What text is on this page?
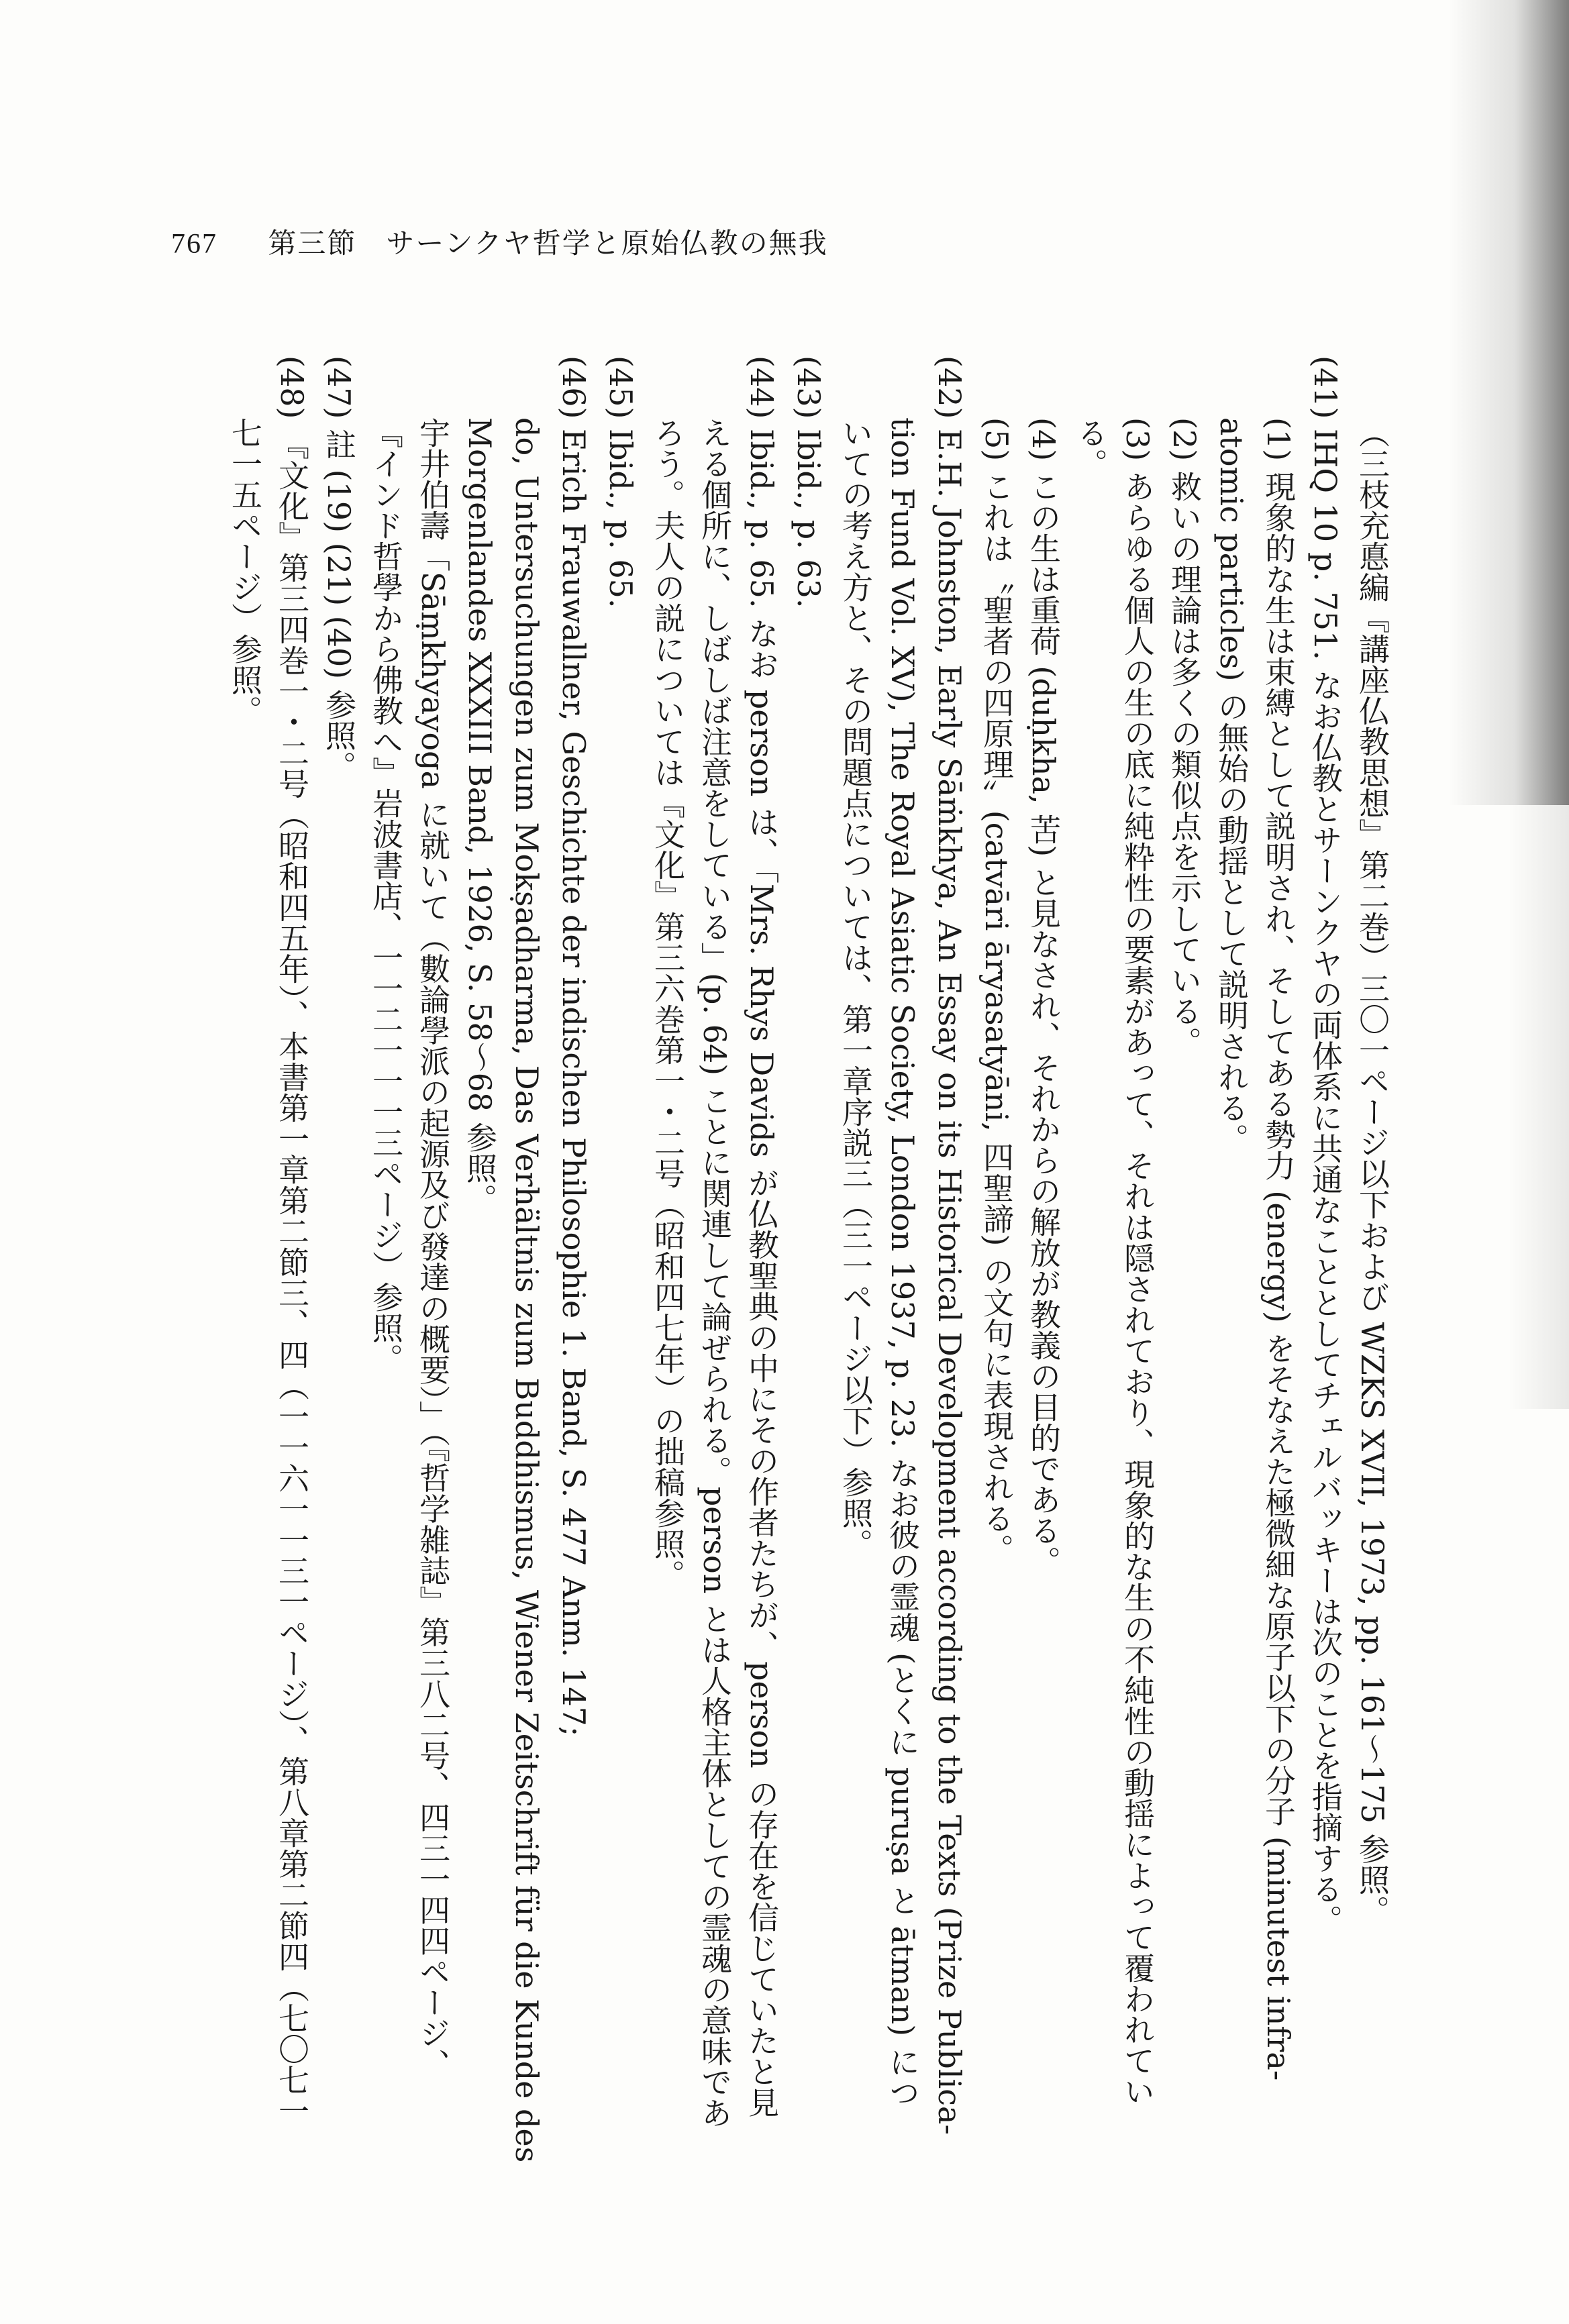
767 第三節　サーンクヤ哲学と原始仏教の無我
（三枝充悳編『講座仏教思想』第二巻）三〇一ページ以下および WZKS XVII, 1973, pp. 161〜175 参照。
(41) IHQ 10 p. 751. なお仏教とサーンクヤの両体系に共通なこととしてチェルバッキーは次のことを指摘する。
(1) 現象的な生は束縛として説明され、そしてある勢力 (energy) をそなえた極微細な原子以下の分子 (minutest infra-
atomic particles) の無始の動揺として説明される。
(2) 救いの理論は多くの類似点を示している。
(3) あらゆる個人の生の底に純粋性の要素があって、それは隠されており、現象的な生の不純性の動揺によって覆われてい
る。
(4) この生は重荷 (duḥkha, 苦) と見なされ、それからの解放が教義の目的である。
(5) これは〝聖者の四原理〟(catvāri āryasatyāni, 四聖諦) の文句に表現される。
(42) E.H. Johnston, Early Sāṁkhya, An Essay on its Historical Development according to the Texts (Prize Publica-
tion Fund Vol. XV), The Royal Asiatic Society, London 1937, p. 23. なお彼の霊魂 (とくに puruṣa と ātman) につ
いての考え方と、その問題点については、第一章序説三（三一ページ以下）参照。
(43) Ibid., p. 63.
(44) Ibid., p. 65. なお person は、「Mrs. Rhys Davids が仏教聖典の中にその作者たちが、person の存在を信じていたと見
える個所に、しばしば注意をしている」(p. 64) ことに関連して論ぜられる。person とは人格主体としての霊魂の意味であ
ろう。夫人の説については『文化』第三六巻第一・二号（昭和四七年）の拙稿参照。
(45) Ibid., p. 65.
(46) Erich Frauwallner, Geschichte der indischen Philosophie 1. Band, S. 477 Anm. 147;
do, Untersuchungen zum Mokṣadharma, Das Verhältnis zum Buddhismus, Wiener Zeitschrift für die Kunde des
Morgenlandes XXXIII Band, 1926, S. 58〜68 参照。
宇井伯壽「Sāṃkhyayoga に就いて（數論學派の起源及び發達の概要）」（『哲学雑誌』第三八二号、四三一四四ページ、
『インド哲學から佛教へ』岩波書店、一一二一一一三ページ）参照。
(47) 註 (19) (21) (40) 参照。
(48) 『文化』第三四巻一・二号（昭和四五年）、本書第一章第二節三、四（一一六一一三一ページ）、第八章第二節四（七〇七一
七一五ページ）参照。
